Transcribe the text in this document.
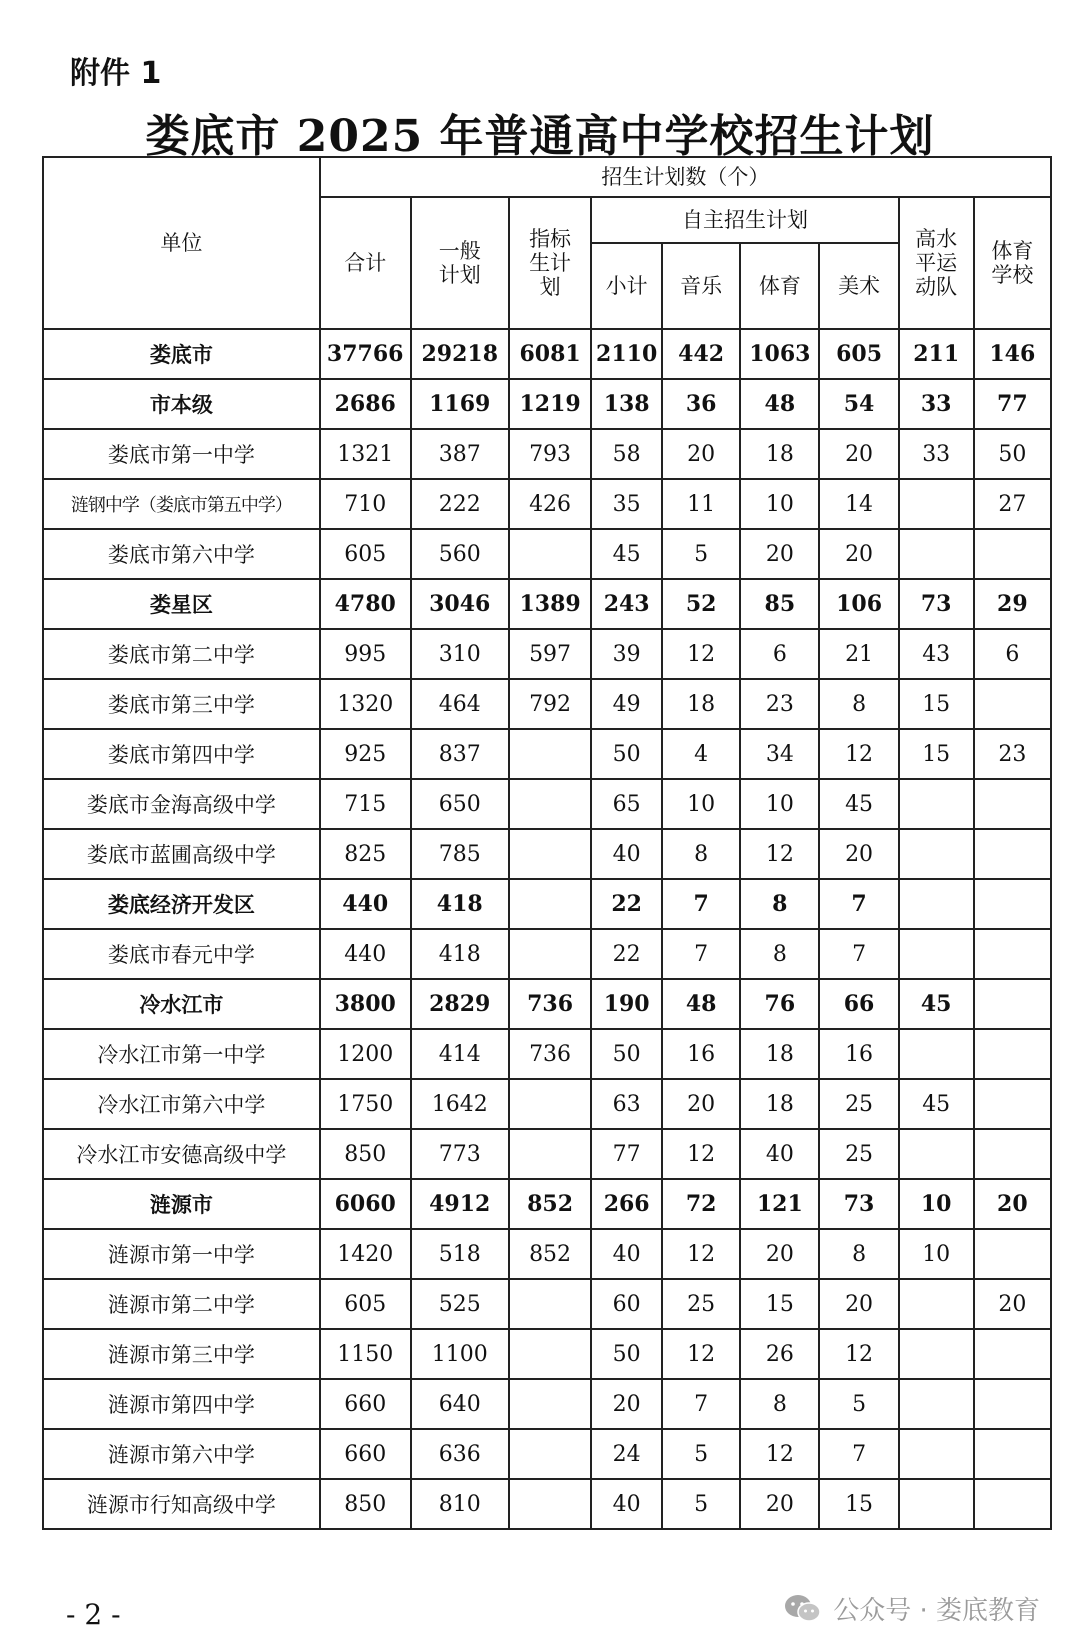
附件 1
娄底市 2025 年普通高中学校招生计划
单位	招生计划数（个）								
	合计	一般计划	指标生计划	自主招生计划				高水平运动队	体育学校

				小计	音乐	体育	美术		
娄底市	37766	29218	6081	2110	442	1063	605	211	146
市本级	2686	1169	1219	138	36	48	54	33	77
娄底市第一中学	1321	387	793	58	20	18	20	33	50
涟钢中学（娄底市第五中学）	710	222	426	35	11	10	14		27
娄底市第六中学	605	560		45	5	20	20		
娄星区	4780	3046	1389	243	52	85	106	73	29
娄底市第二中学	995	310	597	39	12	6	21	43	6
娄底市第三中学	1320	464	792	49	18	23	8	15	
娄底市第四中学	925	837		50	4	34	12	15	23
娄底市金海高级中学	715	650		65	10	10	45		
娄底市蓝圃高级中学	825	785		40	8	12	20		
娄底经济开发区	440	418		22	7	8	7		
娄底市春元中学	440	418		22	7	8	7		
冷水江市	3800	2829	736	190	48	76	66	45	
冷水江市第一中学	1200	414	736	50	16	18	16		
冷水江市第六中学	1750	1642		63	20	18	25	45	
冷水江市安德高级中学	850	773		77	12	40	25		
涟源市	6060	4912	852	266	72	121	73	10	20
涟源市第一中学	1420	518	852	40	12	20	8	10	
涟源市第二中学	605	525		60	25	15	20		20
涟源市第三中学	1150	1100		50	12	26	12		
涟源市第四中学	660	640		20	7	8	5		
涟源市第六中学	660	636		24	5	12	7		
涟源市行知高级中学	850	810		40	5	20	15		
- 2 -	公众号 · 娄底教育
